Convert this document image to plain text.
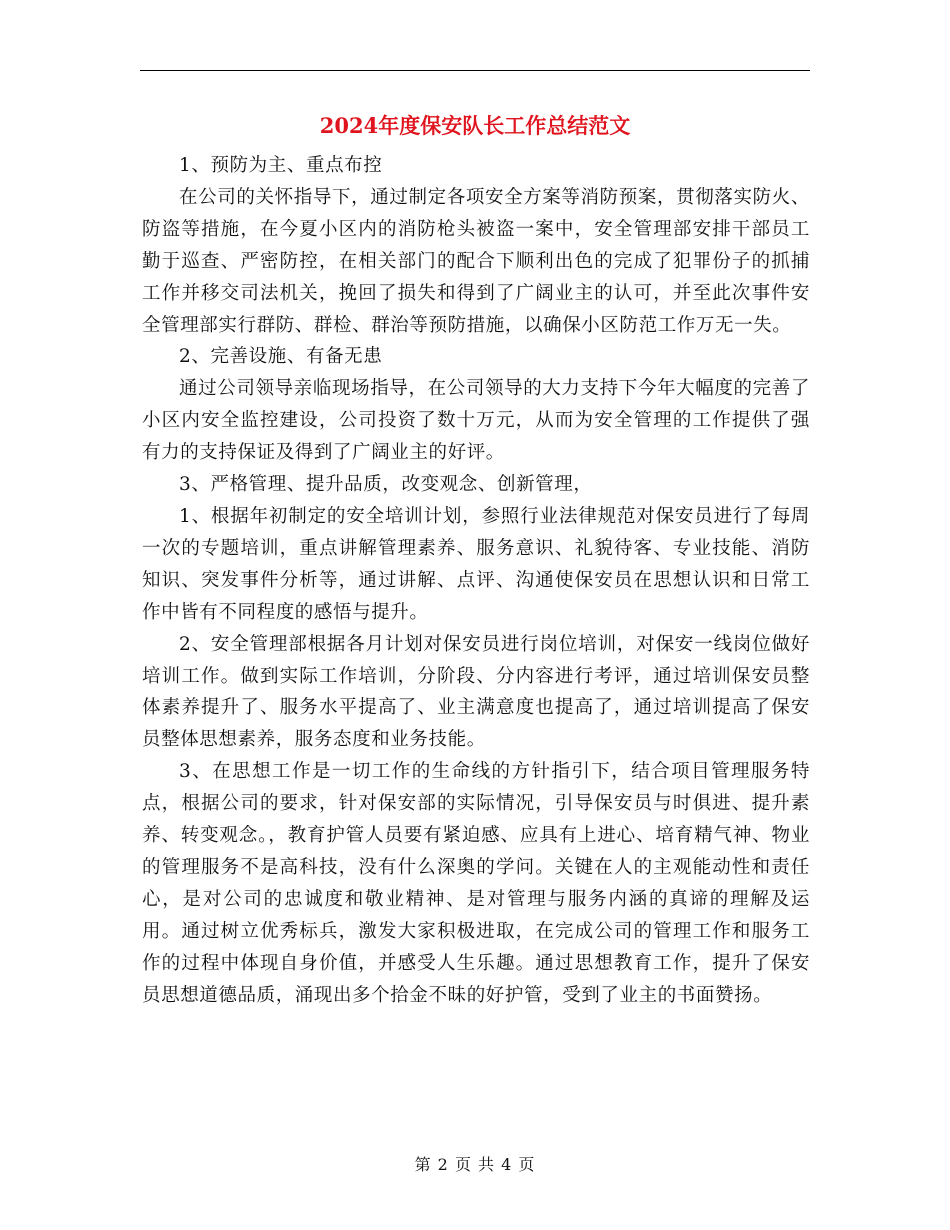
2024年度保安队长工作总结范文

1、预防为主、重点布控

在公司的关怀指导下，通过制定各项安全方案等消防预案，贯彻落实防火、防盗等措施，在今夏小区内的消防枪头被盗一案中，安全管理部安排干部员工勤于巡查、严密防控，在相关部门的配合下顺利出色的完成了犯罪份子的抓捕工作并移交司法机关，挽回了损失和得到了广阔业主的认可，并至此次事件安全管理部实行群防、群检、群治等预防措施，以确保小区防范工作万无一失。

2、完善设施、有备无患

通过公司领导亲临现场指导，在公司领导的大力支持下今年大幅度的完善了小区内安全监控建设，公司投资了数十万元，从而为安全管理的工作提供了强有力的支持保证及得到了广阔业主的好评。

3、严格管理、提升品质，改变观念、创新管理，

1、根据年初制定的安全培训计划，参照行业法律规范对保安员进行了每周一次的专题培训，重点讲解管理素养、服务意识、礼貌待客、专业技能、消防知识、突发事件分析等，通过讲解、点评、沟通使保安员在思想认识和日常工作中皆有不同程度的感悟与提升。

2、安全管理部根据各月计划对保安员进行岗位培训，对保安一线岗位做好培训工作。做到实际工作培训，分阶段、分内容进行考评，通过培训保安员整体素养提升了、服务水平提高了、业主满意度也提高了，通过培训提高了保安员整体思想素养，服务态度和业务技能。

3、在思想工作是一切工作的生命线的方针指引下，结合项目管理服务特点，根据公司的要求，针对保安部的实际情况，引导保安员与时俱进、提升素养、转变观念。，教育护管人员要有紧迫感、应具有上进心、培育精气神、物业的管理服务不是高科技，没有什么深奥的学问。关键在人的主观能动性和责任心，是对公司的忠诚度和敬业精神、是对管理与服务内涵的真谛的理解及运用。通过树立优秀标兵，激发大家积极进取，在完成公司的管理工作和服务工作的过程中体现自身价值，并感受人生乐趣。通过思想教育工作，提升了保安员思想道德品质，涌现出多个拾金不昧的好护管，受到了业主的书面赞扬。

第 2 页 共 4 页
